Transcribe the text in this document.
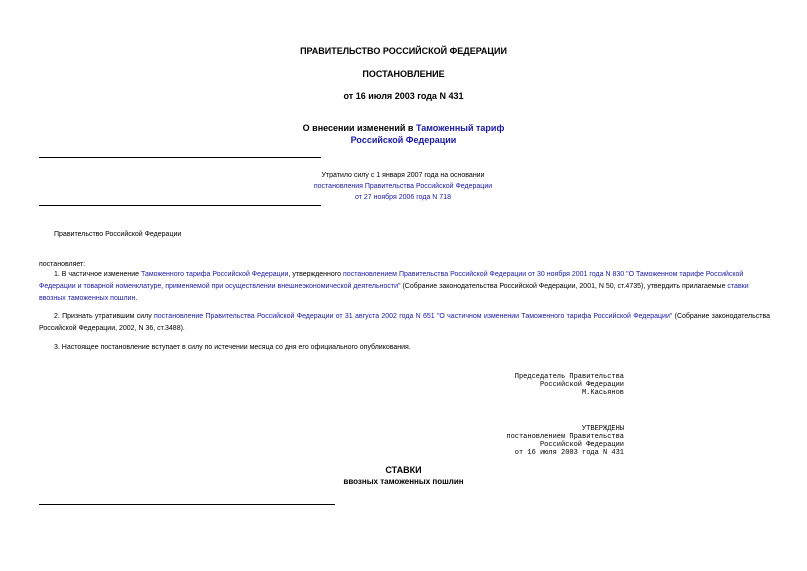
ПРАВИТЕЛЬСТВО РОССИЙСКОЙ ФЕДЕРАЦИИ
ПОСТАНОВЛЕНИЕ
от 16 июля 2003 года N 431
О внесении изменений в Таможенный тариф
Российской Федерации
Утратило силу с 1 января 2007 года на основании
постановления Правительства Российской Федерации
от 27 ноября 2006 года N 718
Правительство Российской Федерации
постановляет:
1. В частичное изменение Таможенного тарифа Российской Федерации, утвержденного постановлением Правительства Российской Федерации от 30 ноября 2001 года N 830 "О Таможенном тарифе Российской Федерации и товарной номенклатуре, применяемой при осуществлении внешнеэкономической деятельности" (Собрание законодательства Российской Федерации, 2001, N 50, ст.4735), утвердить прилагаемые ставки ввозных таможенных пошлин.
2. Признать утратившим силу постановление Правительства Российской Федерации от 31 августа 2002 года N 651 "О частичном изменении Таможенного тарифа Российской Федерации" (Собрание законодательства Российской Федерации, 2002, N 36, ст.3488).
3. Настоящее постановление вступает в силу по истечении месяца со дня его официального опубликования.
Председатель Правительства
Российской Федерации
М.Касьянов
УТВЕРЖДЕНЫ
постановлением Правительства
Российской Федерации
от 16 июля 2003 года N 431
СТАВКИ
ввозных таможенных пошлин
